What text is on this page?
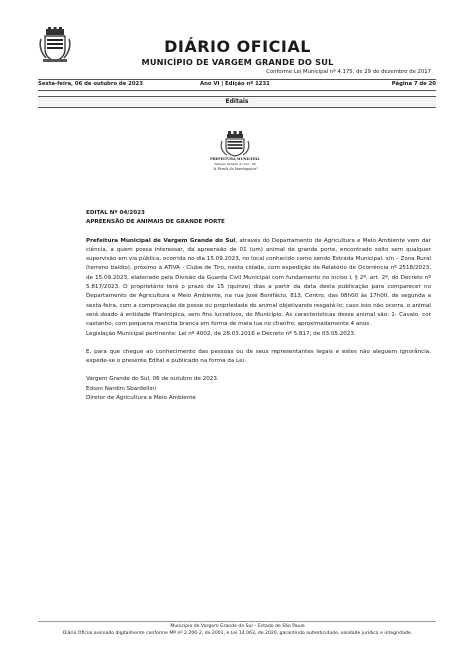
DIÁRIO OFICIAL
MUNICÍPIO DE VARGEM GRANDE DO SUL
Conforme Lei Municipal nº 4.175, de 29 de dezembro de 2017
Sexta-feira, 06 de outubro de 2023	Ano VI | Edição nº 1231	Página 7 de 20
Editais
PREFEITURA MUNICIPAL
Vargem Grande do Sul - SP
"A Pérola da Mantiqueira"

EDITAL Nº 04/2023

APREENSÃO DE ANIMAIS DE GRANDE PORTE

Prefeitura Municipal de Vargem Grande do Sul, através do Departamento de Agricultura e Meio Ambiente vem dar ciência, a quem possa interessar, da apreensão de 01 (um) animal de grande porte, encontrado solto sem qualquer supervisão em via pública, ocorrida no dia 15.09.2023, no local conhecido como sendo Estrada Municipal, s/n – Zona Rural (terreno baldio), próximo à ATIVA - Clube de Tiro, nesta cidade, com expedição de Relatório de Ocorrência nº 2518/2023, de 15.09.2023, elaborado pela Divisão da Guarda Civil Municipal com fundamento no inciso I, § 2º, art. 2º, do Decreto nº 5.817/2023. O proprietário terá o prazo de 15 (quinze) dias a partir da data desta publicação para comparecer no Departamento de Agricultura e Meio Ambiente, na rua José Bonifácio, 813, Centro, das 08h00 às 17h00, de segunda a sexta-feira, com a comprovação de posse ou propriedade do animal objetivando resgatá-lo; caso isso não ocorra, o animal será doado à entidade filantrópica, sem fins lucrativos, do Município. As características desse animal são: 1- Cavalo, cor castanho, com pequena mancha branca em forma de meia lua no chanfro, aproximadamente 4 anos.

Legislação Municipal pertinente: Lei nº 4002, de 28.03.2016 e Decreto nº 5.817, de 03.05.2023.

E, para que chegue ao conhecimento das pessoas ou de seus representantes legais e estes não aleguem ignorância, expede-se o presente Edital e publicado na forma da Lei.

Vargem Grande do Sul, 06 de outubro de 2023.

Edson Nardini Sbardellini

Diretor de Agricultura e Meio Ambiente

Município de Vargem Grande do Sul – Estado de São Paulo
Diário Oficial assinado digitalmente conforme MP nº 2.200-2, de 2001, e Lei 14.063, de 2020, garantindo autenticidade, validade jurídica e integridade.
